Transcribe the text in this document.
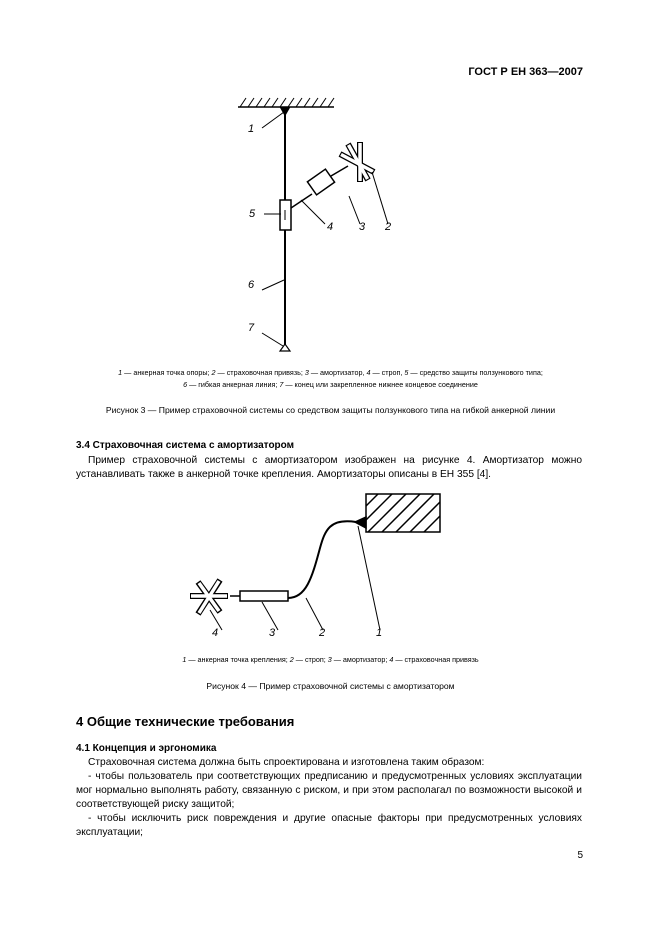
ГОСТ Р ЕН 363—2007
1
2
3
4
5
6
7
1
2
3
4
1 — анкерная точка опоры; 2 — страховочная привязь; 3 — амортизатор, 4 — строп, 5 — средство защиты ползункового типа;
6 — гибкая анкерная линия; 7 — конец или закрепленное нижнее концевое соединение
Рисунок 3 — Пример страховочной системы со средством защиты ползункового типа на гибкой анкерной линии
3.4 Страховочная система с амортизатором
Пример страховочной системы с амортизатором изображен на рисунке 4. Амортизатор можно устанавливать также в анкерной точке крепления. Амортизаторы описаны в ЕН 355 [4].
1 — анкерная точка крепления; 2 — строп; 3 — амортизатор; 4 — страховочная привязь
Рисунок 4 — Пример страховочной системы с амортизатором
4 Общие технические требования
4.1 Концепция и эргономика
Страховочная система должна быть спроектирована и изготовлена таким образом:
- чтобы пользователь при соответствующих предписанию и предусмотренных условиях эксплуатации мог нормально выполнять работу, связанную с риском, и при этом располагал по возможности высокой и соответствующей риску защитой;
- чтобы исключить риск повреждения и другие опасные факторы при предусмотренных условиях эксплуатации;
5
